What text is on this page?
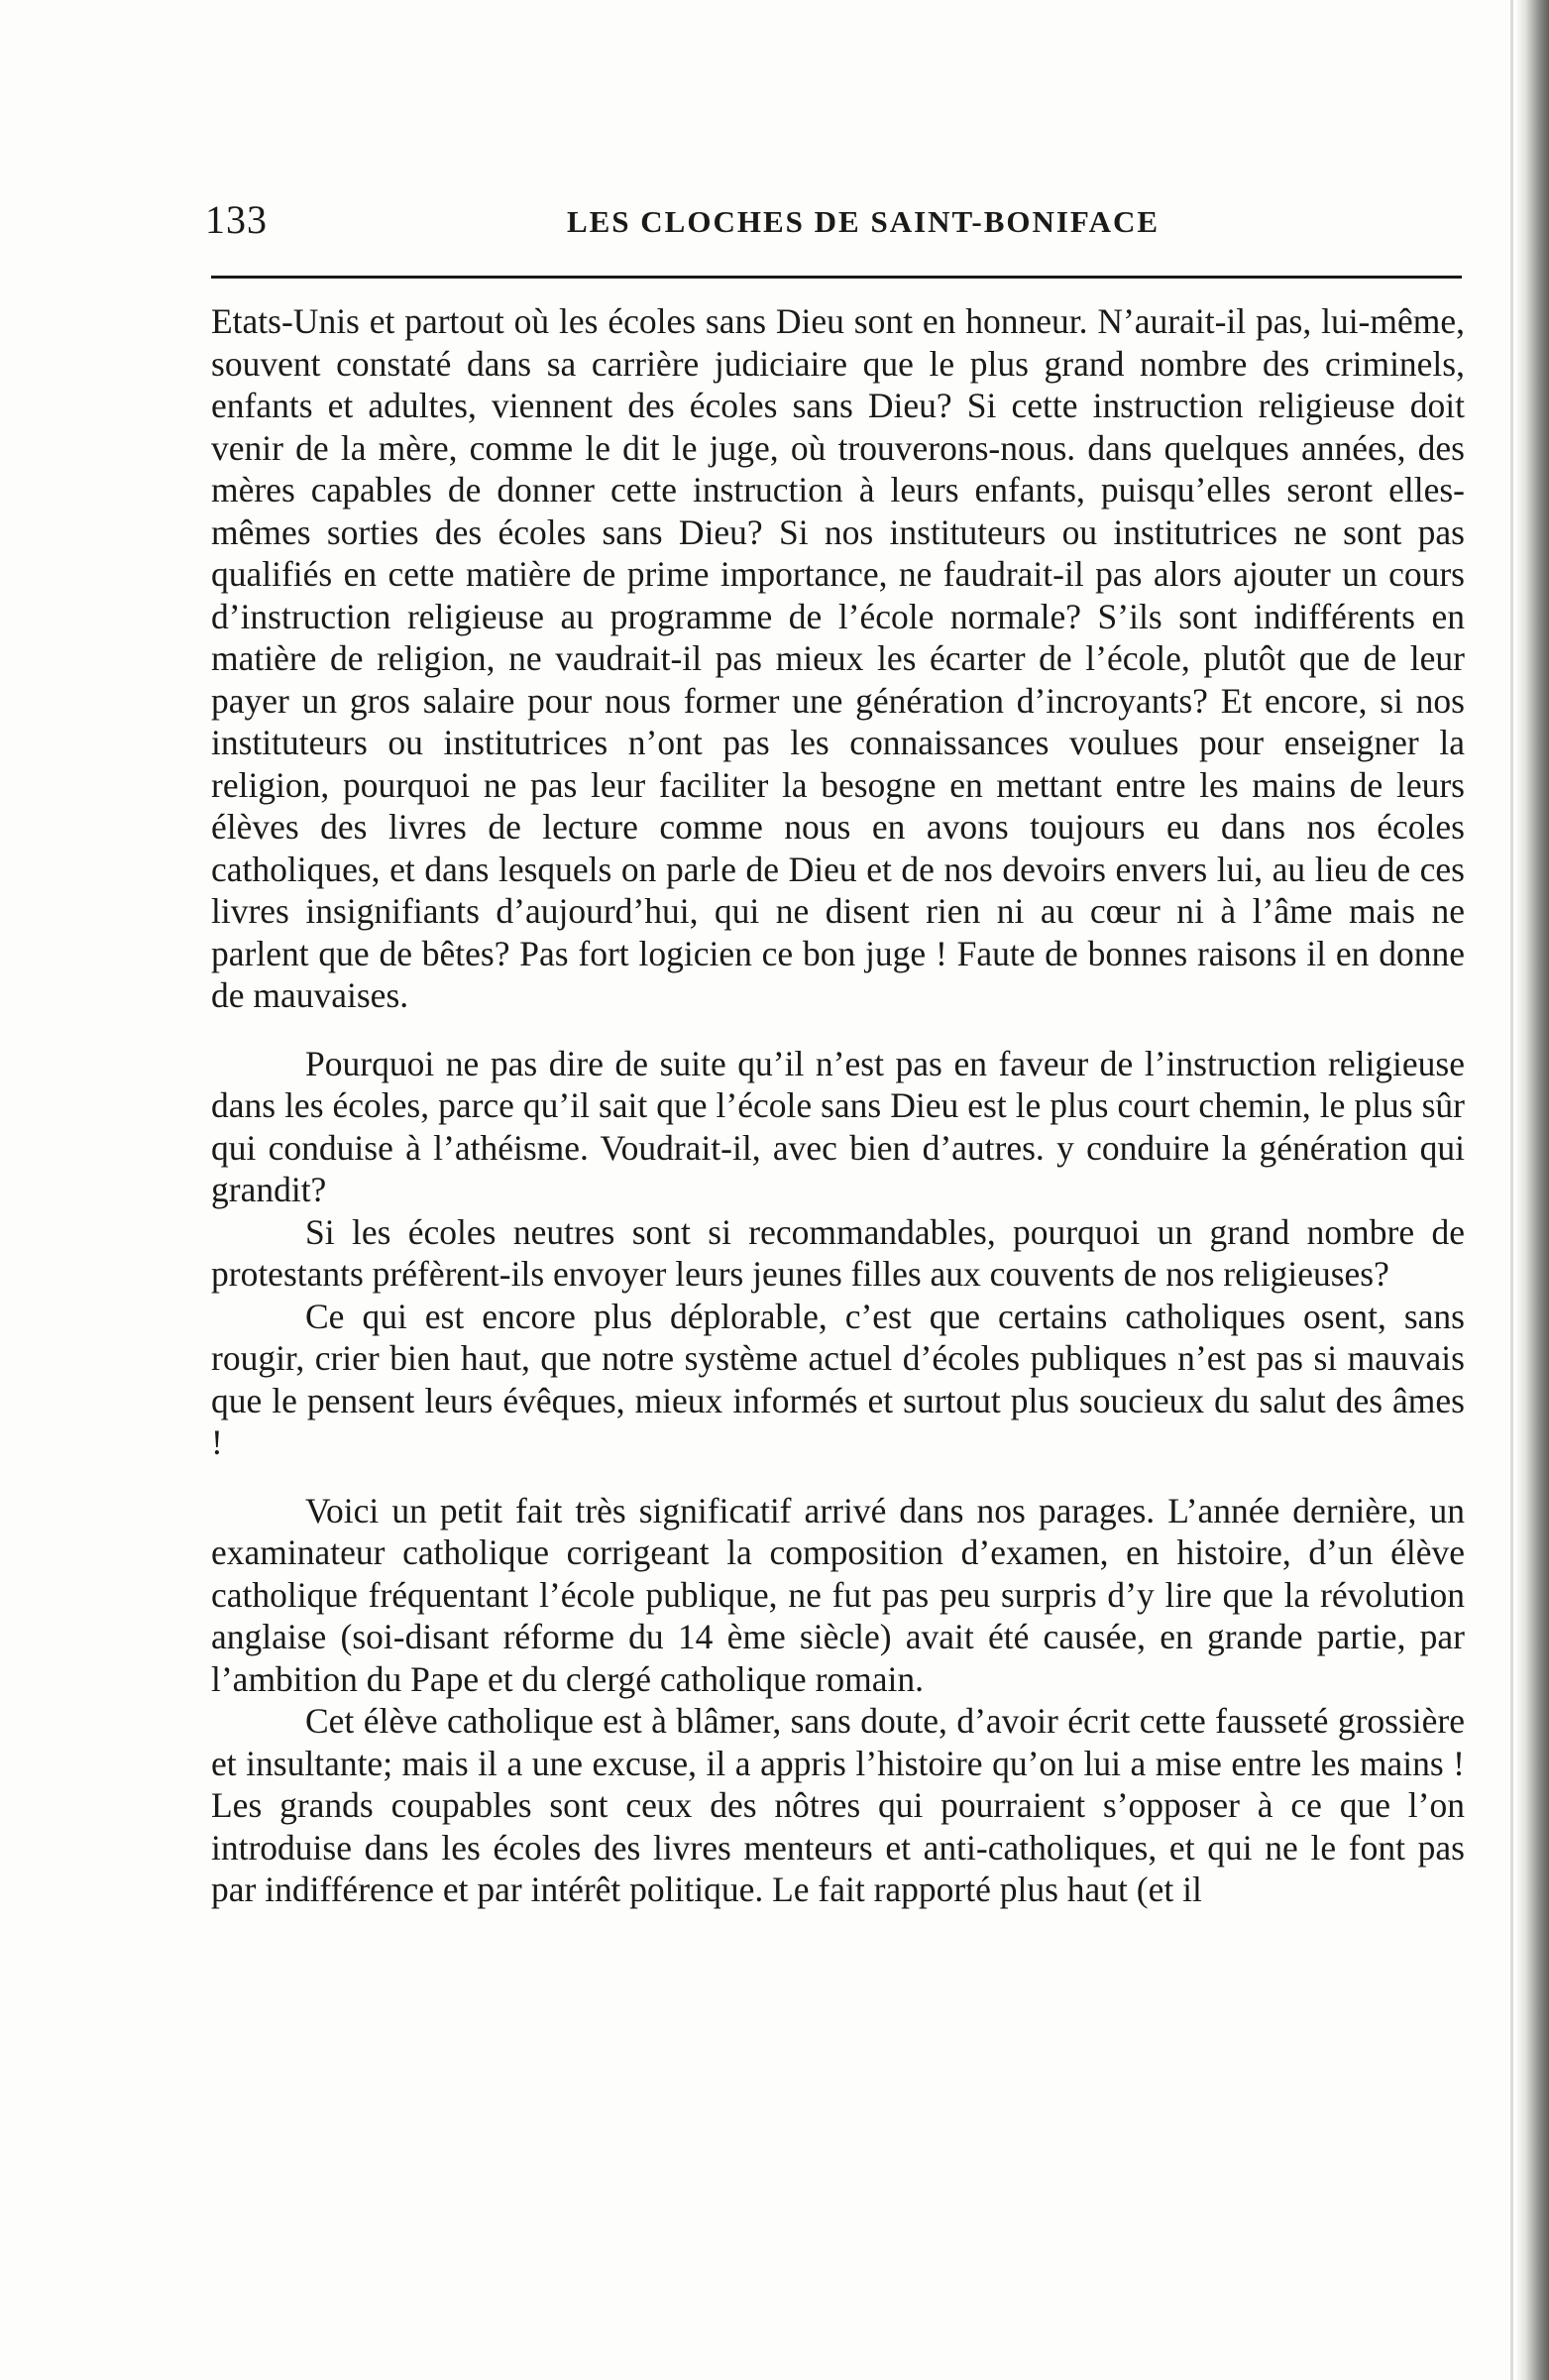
133	LES CLOCHES DE SAINT-BONIFACE

Etats-Unis et partout où les écoles sans Dieu sont en honneur. N’aurait-il pas, lui-même, souvent constaté dans sa carrière judiciaire que le plus grand nombre des criminels, enfants et adultes, viennent des écoles sans Dieu? Si cette instruction religieuse doit venir de la mère, comme le dit le juge, où trouverons-nous. dans quelques années, des mères capables de donner cette instruction à leurs enfants, puisqu’elles seront elles-mêmes sorties des écoles sans Dieu? Si nos instituteurs ou institutrices ne sont pas qualifiés en cette matière de prime importance, ne faudrait-il pas alors ajouter un cours d’instruction religieuse au programme de l’école normale? S’ils sont indifférents en matière de religion, ne vaudrait-il pas mieux les écarter de l’école, plutôt que de leur payer un gros salaire pour nous former une génération d’incroyants? Et encore, si nos instituteurs ou institutrices n’ont pas les connaissances voulues pour enseigner la religion, pourquoi ne pas leur faciliter la besogne en mettant entre les mains de leurs élèves des livres de lecture comme nous en avons toujours eu dans nos écoles catholiques, et dans lesquels on parle de Dieu et de nos devoirs envers lui, au lieu de ces livres insignifiants d’aujourd’hui, qui ne disent rien ni au cœur ni à l’âme mais ne parlent que de bêtes? Pas fort logicien ce bon juge ! Faute de bonnes raisons il en donne de mauvaises.

Pourquoi ne pas dire de suite qu’il n’est pas en faveur de l’instruction religieuse dans les écoles, parce qu’il sait que l’école sans Dieu est le plus court chemin, le plus sûr qui conduise à l’athéisme. Voudrait-il, avec bien d’autres. y conduire la génération qui grandit?

Si les écoles neutres sont si recommandables, pourquoi un grand nombre de protestants préfèrent-ils envoyer leurs jeunes filles aux couvents de nos religieuses?

Ce qui est encore plus déplorable, c’est que certains catholiques osent, sans rougir, crier bien haut, que notre système actuel d’écoles publiques n’est pas si mauvais que le pensent leurs évêques, mieux informés et surtout plus soucieux du salut des âmes !

Voici un petit fait très significatif arrivé dans nos parages. L’année dernière, un examinateur catholique corrigeant la composition d’examen, en histoire, d’un élève catholique fréquentant l’école publique, ne fut pas peu surpris d’y lire que la révolution anglaise (soi-disant réforme du 14 ème siècle) avait été causée, en grande partie, par l’ambition du Pape et du clergé catholique romain.

Cet élève catholique est à blâmer, sans doute, d’avoir écrit cette fausseté grossière et insultante; mais il a une excuse, il a appris l’histoire qu’on lui a mise entre les mains ! Les grands coupables sont ceux des nôtres qui pourraient s’opposer à ce que l’on introduise dans les écoles des livres menteurs et anti-catholiques, et qui ne le font pas par indifférence et par intérêt politique. Le fait rapporté plus haut (et il
